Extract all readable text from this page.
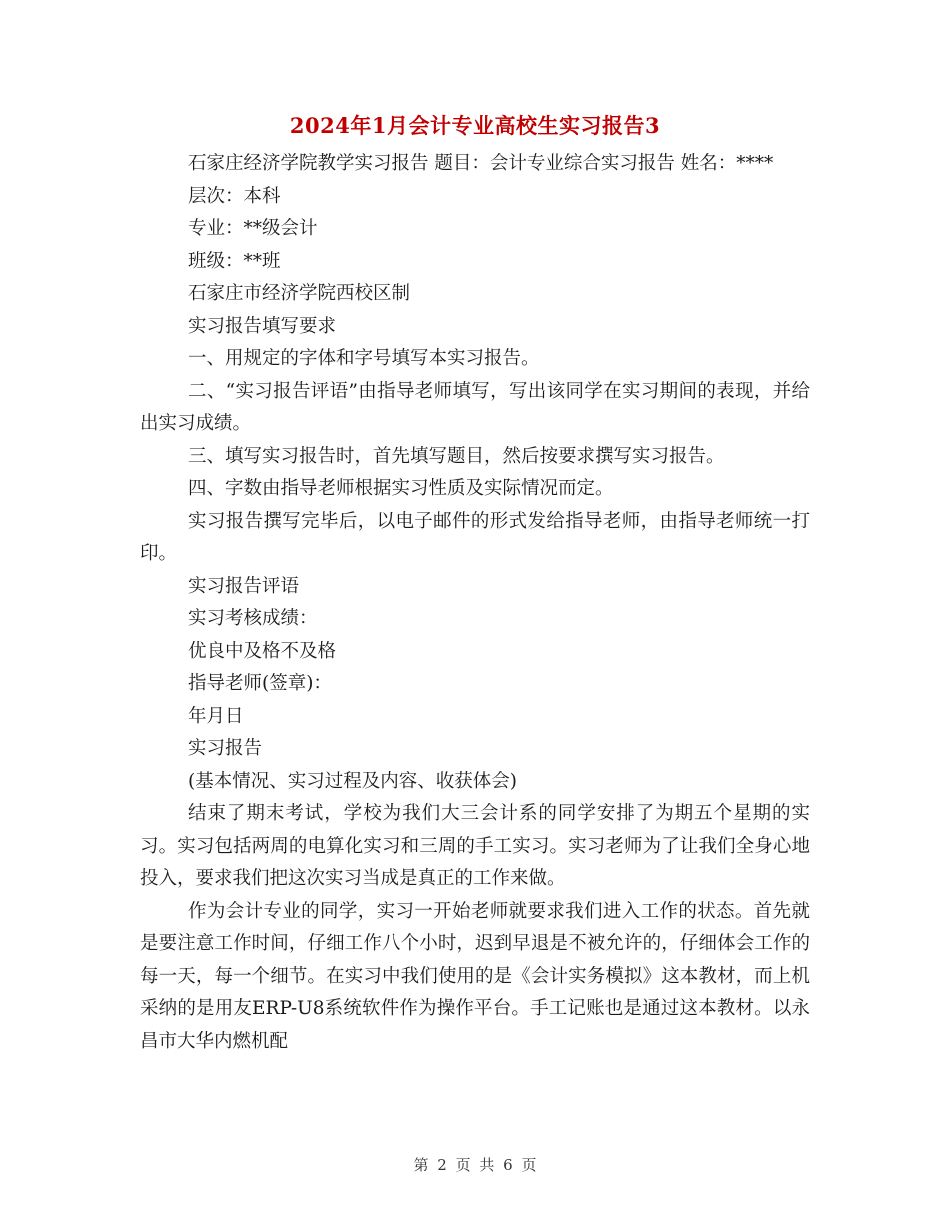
2024年1月会计专业高校生实习报告3

石家庄经济学院教学实习报告 题目：会计专业综合实习报告 姓名：****

层次：本科

专业：**级会计

班级：**班

石家庄市经济学院西校区制

实习报告填写要求

一、用规定的字体和字号填写本实习报告。

二、“实习报告评语”由指导老师填写，写出该同学在实习期间的表现，并给出实习成绩。

三、填写实习报告时，首先填写题目，然后按要求撰写实习报告。

四、字数由指导老师根据实习性质及实际情况而定。

实习报告撰写完毕后，以电子邮件的形式发给指导老师，由指导老师统一打印。

实习报告评语

实习考核成绩：

优良中及格不及格

指导老师(签章)：

年月日

实习报告

(基本情况、实习过程及内容、收获体会)

结束了期末考试，学校为我们大三会计系的同学安排了为期五个星期的实习。实习包括两周的电算化实习和三周的手工实习。实习老师为了让我们全身心地投入，要求我们把这次实习当成是真正的工作来做。

作为会计专业的同学，实习一开始老师就要求我们进入工作的状态。首先就是要注意工作时间，仔细工作八个小时，迟到早退是不被允许的，仔细体会工作的每一天，每一个细节。在实习中我们使用的是《会计实务模拟》这本教材，而上机采纳的是用友ERP-U8系统软件作为操作平台。手工记账也是通过这本教材。以永昌市大华内燃机配

第 2 页 共 6 页
